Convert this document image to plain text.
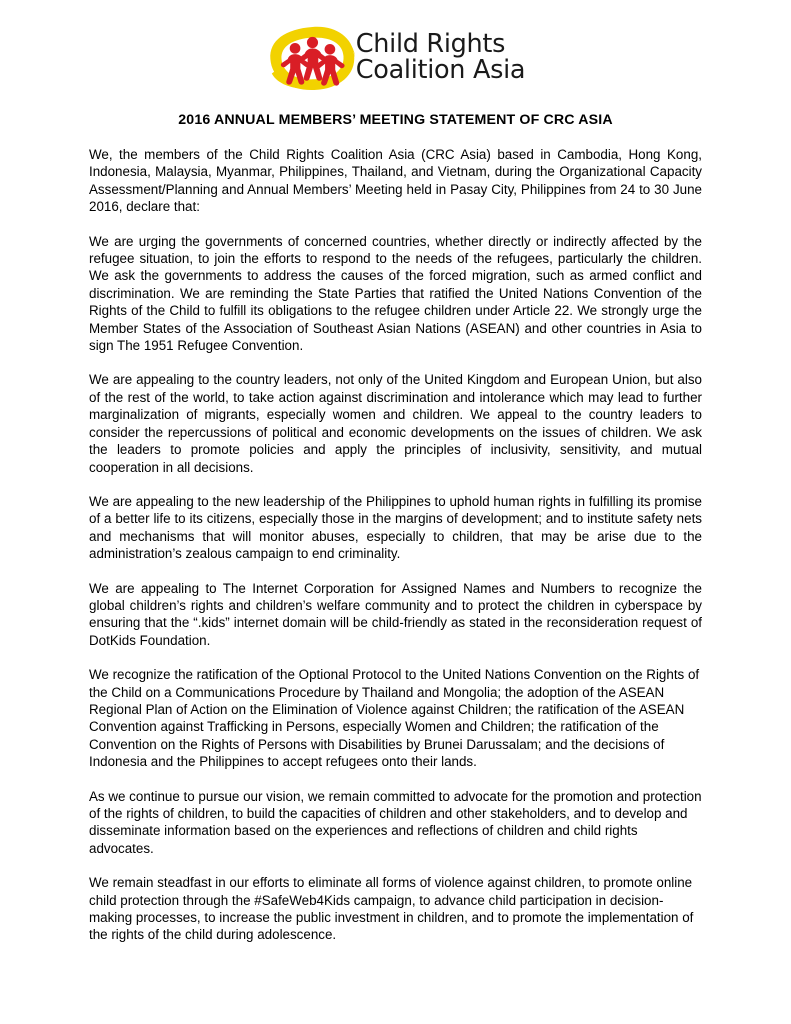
Child Rights
Coalition Asia
2016 ANNUAL MEMBERS’ MEETING STATEMENT OF CRC ASIA

We, the members of the Child Rights Coalition Asia (CRC Asia) based in Cambodia, Hong Kong, Indonesia, Malaysia, Myanmar, Philippines, Thailand, and Vietnam, during the Organizational Capacity Assessment/Planning and Annual Members’ Meeting held in Pasay City, Philippines from 24 to 30 June 2016, declare that:

We are urging the governments of concerned countries, whether directly or indirectly affected by the refugee situation, to join the efforts to respond to the needs of the refugees, particularly the children. We ask the governments to address the causes of the forced migration, such as armed conflict and discrimination. We are reminding the State Parties that ratified the United Nations Convention of the Rights of the Child to fulfill its obligations to the refugee children under Article 22. We strongly urge the Member States of the Association of Southeast Asian Nations (ASEAN) and other countries in Asia to sign The 1951 Refugee Convention.

We are appealing to the country leaders, not only of the United Kingdom and European Union, but also of the rest of the world, to take action against discrimination and intolerance which may lead to further marginalization of migrants, especially women and children. We appeal to the country leaders to consider the repercussions of political and economic developments on the issues of children. We ask the leaders to promote policies and apply the principles of inclusivity, sensitivity, and mutual cooperation in all decisions.

We are appealing to the new leadership of the Philippines to uphold human rights in fulfilling its promise of a better life to its citizens, especially those in the margins of development; and to institute safety nets and mechanisms that will monitor abuses, especially to children, that may be arise due to the administration’s zealous campaign to end criminality.

We are appealing to The Internet Corporation for Assigned Names and Numbers to recognize the global children’s rights and children’s welfare community and to protect the children in cyberspace by ensuring that the “.kids” internet domain will be child-friendly as stated in the reconsideration request of DotKids Foundation.

We recognize the ratification of the Optional Protocol to the United Nations Convention on the Rights of the Child on a Communications Procedure by Thailand and Mongolia; the adoption of the ASEAN Regional Plan of Action on the Elimination of Violence against Children; the ratification of the ASEAN Convention against Trafficking in Persons, especially Women and Children; the ratification of the Convention on the Rights of Persons with Disabilities by Brunei Darussalam; and the decisions of Indonesia and the Philippines to accept refugees onto their lands.

As we continue to pursue our vision, we remain committed to advocate for the promotion and protection of the rights of children, to build the capacities of children and other stakeholders, and to develop and disseminate information based on the experiences and reflections of children and child rights advocates.

We remain steadfast in our efforts to eliminate all forms of violence against children, to promote online child protection through the #SafeWeb4Kids campaign, to advance child participation in decision-making processes, to increase the public investment in children, and to promote the implementation of the rights of the child during adolescence.
